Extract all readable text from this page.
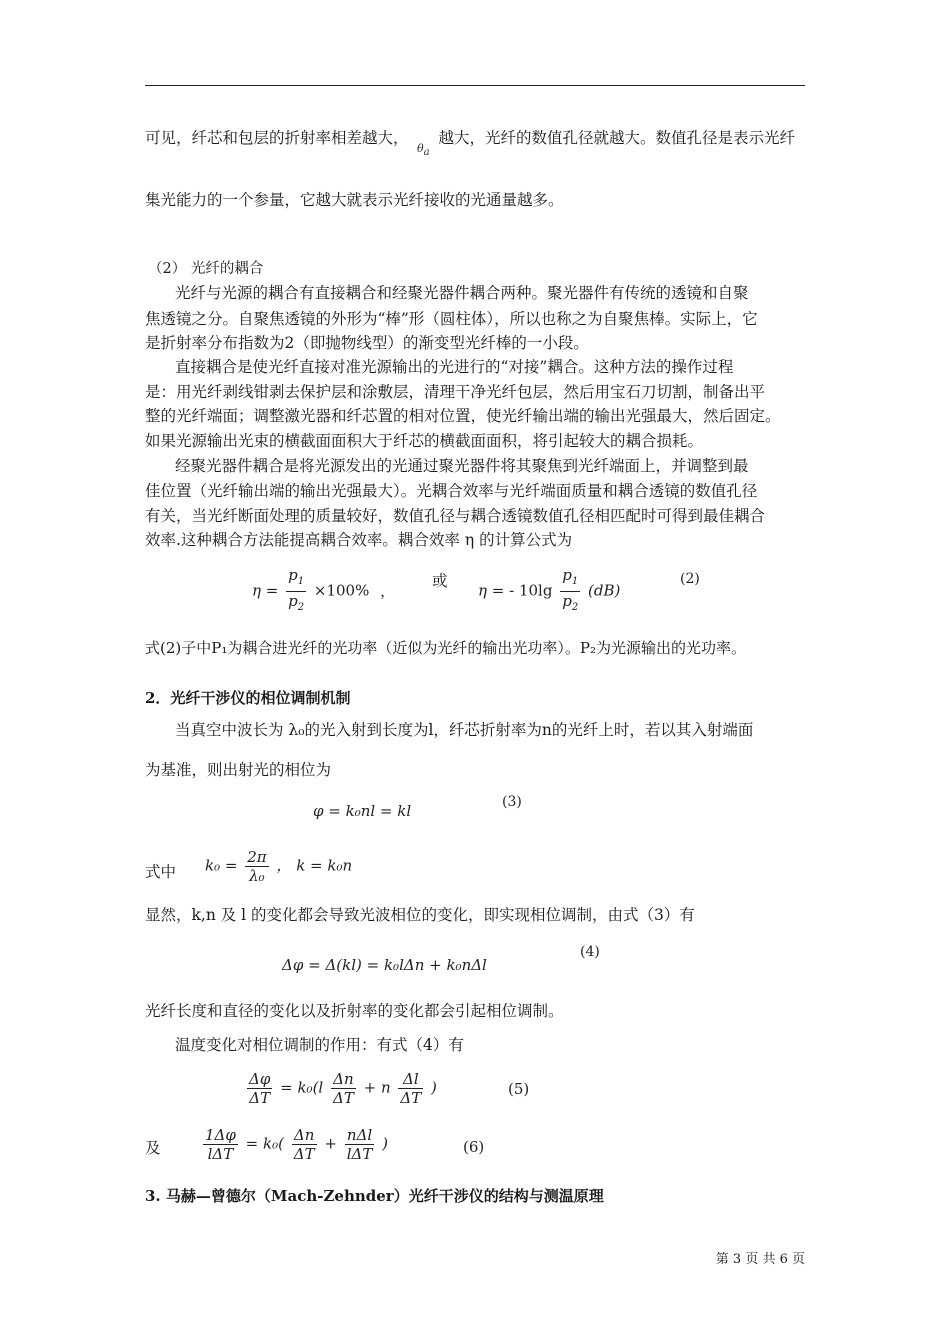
可见，纤芯和包层的折射率相差越大， 越大，光纤的数值孔径就越大。数值孔径是表示光纤
$\theta_a$
集光能力的一个参量，它越大就表示光纤接收的光通量越多。
（2） 光纤的耦合
光纤与光源的耦合有直接耦合和经聚光器件耦合两种。聚光器件有传统的透镜和自聚
焦透镜之分。自聚焦透镜的外形为“棒”形（圆柱体），所以也称之为自聚焦棒。实际上，它
是折射率分布指数为2（即抛物线型）的渐变型光纤棒的一小段。
直接耦合是使光纤直接对准光源输出的光进行的“对接”耦合。这种方法的操作过程
是：用光纤剥线钳剥去保护层和涂敷层，清理干净光纤包层，然后用宝石刀切割，制备出平
整的光纤端面；调整激光器和纤芯置的相对位置，使光纤输出端的输出光强最大，然后固定。
如果光源输出光束的横截面面积大于纤芯的横截面面积，将引起较大的耦合损耗。
经聚光器件耦合是将光源发出的光通过聚光器件将其聚焦到光纤端面上，并调整到最
佳位置（光纤输出端的输出光强最大）。光耦合效率与光纤端面质量和耦合透镜的数值孔径
有关，当光纤断面处理的质量较好，数值孔径与耦合透镜数值孔径相匹配时可得到最佳耦合
效率.这种耦合方法能提高耦合效率。耦合效率 η 的计算公式为
$\eta = \frac{p_1}{p_2} \times 100\%$ ，
或
η = - $10\lg \frac{p_1}{p_2} (dB)$
(2)
式(2)子中P₁为耦合进光纤的光功率（近似为光纤的输出光功率）。P₂为光源输出的光功率。
2．光纤干涉仪的相位调制机制
当真空中波长为 λ₀的光入射到长度为l，纤芯折射率为n的光纤上时，若以其入射端面
为基准，则出射光的相位为
φ = k₀nl = kl	(3)
式中 $k_0 = \frac{2\pi}{\text{λ₀}}$ ， k = k₀n
显然，k,n 及 l 的变化都会导致光波相位的变化，即实现相位调制，由式（3）有
Δφ = Δ(kl) = k₀lΔn + k₀nΔl
(4)
光纤长度和直径的变化以及折射率的变化都会引起相位调制。
温度变化对相位调制的作用：有式（4）有
$\frac{\Delta\varphi}{\Delta T} = k_0(l \frac{\Delta n}{\Delta T} + n \frac{\Delta l}{\Delta T}$ )	(5)
及	$\frac{1\Delta\varphi}{\text{lΔT}} = k_0( \frac{\Delta n}{\Delta T} + \frac{\text{nΔl}}{\text{lΔT}}$ )	(6)
3. 马赫—曾德尔（Mach-Zehnder）光纤干涉仪的结构与测温原理
第 3 页 共 6 页
